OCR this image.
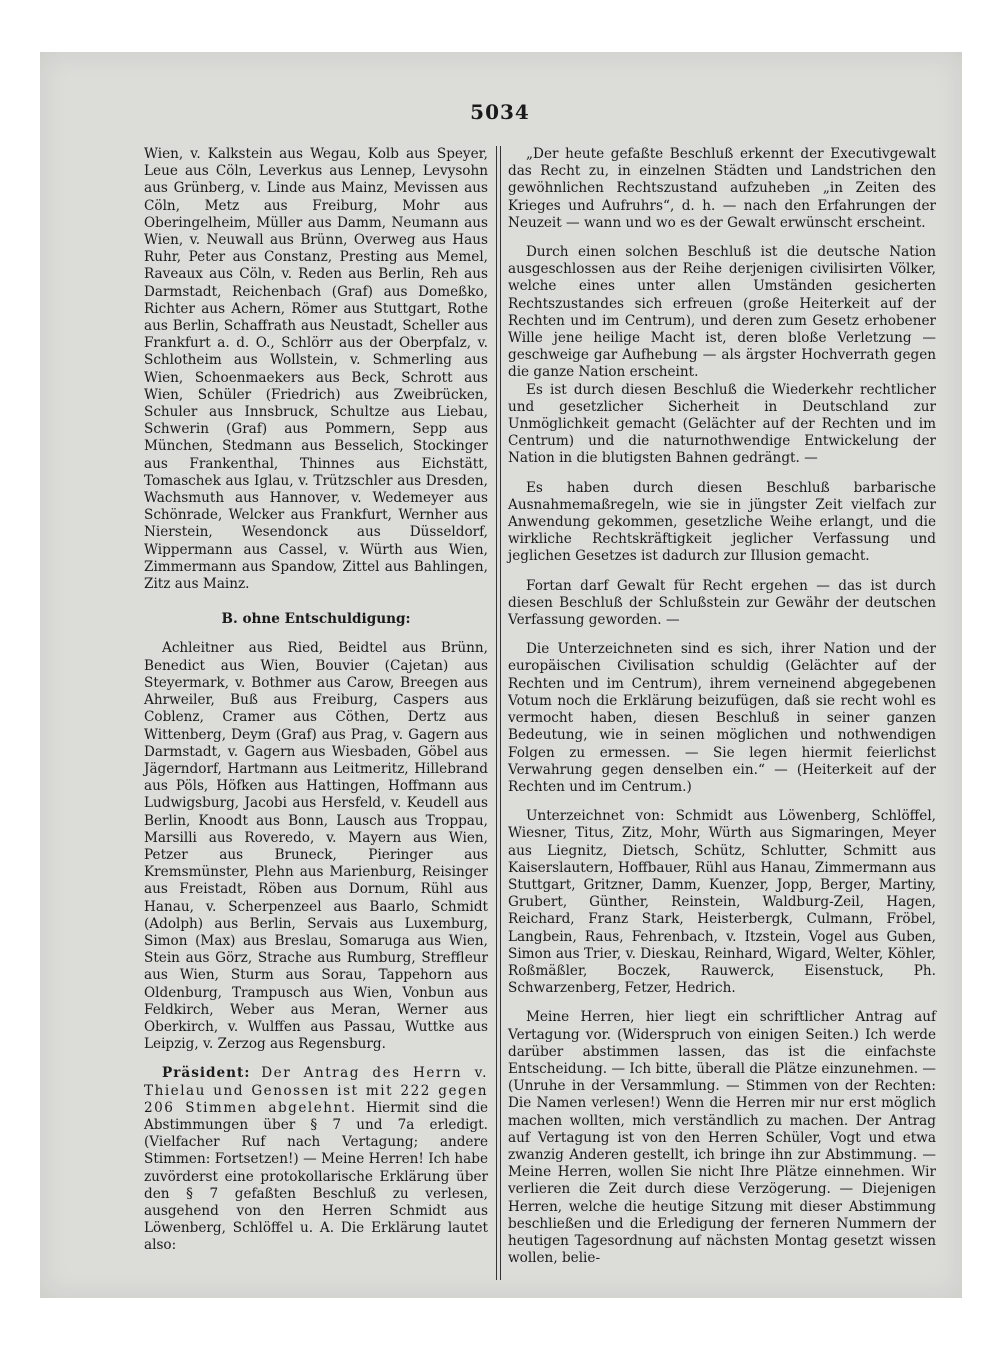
5034

Wien, v. Kalkstein aus Wegau, Kolb aus Speyer, Leue aus Cöln, Leverkus aus Lennep, Levysohn aus Grünberg, v. Linde aus Mainz, Mevissen aus Cöln, Metz aus Freiburg, Mohr aus Oberingelheim, Müller aus Damm, Neumann aus Wien, v. Neuwall aus Brünn, Overweg aus Haus Ruhr, Peter aus Constanz, Presting aus Memel, Raveaux aus Cöln, v. Reden aus Berlin, Reh aus Darmstadt, Reichenbach (Graf) aus Domeßko, Richter aus Achern, Römer aus Stuttgart, Rothe aus Berlin, Schaffrath aus Neustadt, Scheller aus Frankfurt a. d. O., Schlörr aus der Oberpfalz, v. Schlotheim aus Wollstein, v. Schmerling aus Wien, Schoenmaekers aus Beck, Schrott aus Wien, Schüler (Friedrich) aus Zweibrücken, Schuler aus Innsbruck, Schultze aus Liebau, Schwerin (Graf) aus Pommern, Sepp aus München, Stedmann aus Besselich, Stockinger aus Frankenthal, Thinnes aus Eichstätt, Tomaschek aus Iglau, v. Trützschler aus Dresden, Wachsmuth aus Hannover, v. Wedemeyer aus Schönrade, Welcker aus Frankfurt, Wernher aus Nierstein, Wesendonck aus Düsseldorf, Wippermann aus Cassel, v. Würth aus Wien, Zimmermann aus Spandow, Zittel aus Bahlingen, Zitz aus Mainz.

B. ohne Entschuldigung:

Achleitner aus Ried, Beidtel aus Brünn, Benedict aus Wien, Bouvier (Cajetan) aus Steyermark, v. Bothmer aus Carow, Breegen aus Ahrweiler, Buß aus Freiburg, Caspers aus Coblenz, Cramer aus Cöthen, Dertz aus Wittenberg, Deym (Graf) aus Prag, v. Gagern aus Darmstadt, v. Gagern aus Wiesbaden, Göbel aus Jägerndorf, Hartmann aus Leitmeritz, Hillebrand aus Pöls, Höfken aus Hattingen, Hoffmann aus Ludwigsburg, Jacobi aus Hersfeld, v. Keudell aus Berlin, Knoodt aus Bonn, Lausch aus Troppau, Marsilli aus Roveredo, v. Mayern aus Wien, Petzer aus Bruneck, Pieringer aus Kremsmünster, Plehn aus Marienburg, Reisinger aus Freistadt, Röben aus Dornum, Rühl aus Hanau, v. Scherpenzeel aus Baarlo, Schmidt (Adolph) aus Berlin, Servais aus Luxemburg, Simon (Max) aus Breslau, Somaruga aus Wien, Stein aus Görz, Strache aus Rumburg, Streffleur aus Wien, Sturm aus Sorau, Tappehorn aus Oldenburg, Trampusch aus Wien, Vonbun aus Feldkirch, Weber aus Meran, Werner aus Oberkirch, v. Wulffen aus Passau, Wuttke aus Leipzig, v. Zerzog aus Regensburg.

Präsident: Der Antrag des Herrn v. Thielau und Genossen ist mit 222 gegen 206 Stimmen abgelehnt. Hiermit sind die Abstimmungen über § 7 und 7a erledigt. (Vielfacher Ruf nach Vertagung; andere Stimmen: Fortsetzen!) — Meine Herren! Ich habe zuvörderst eine protokollarische Erklärung über den § 7 gefaßten Beschluß zu verlesen, ausgehend von den Herren Schmidt aus Löwenberg, Schlöffel u. A. Die Erklärung lautet also:

„Der heute gefaßte Beschluß erkennt der Executivgewalt das Recht zu, in einzelnen Städten und Landstrichen den gewöhnlichen Rechtszustand aufzuheben „in Zeiten des Krieges und Aufruhrs“, d. h. — nach den Erfahrungen der Neuzeit — wann und wo es der Gewalt erwünscht erscheint.

Durch einen solchen Beschluß ist die deutsche Nation ausgeschlossen aus der Reihe derjenigen civilisirten Völker, welche eines unter allen Umständen gesicherten Rechtszustandes sich erfreuen (große Heiterkeit auf der Rechten und im Centrum), und deren zum Gesetz erhobener Wille jene heilige Macht ist, deren bloße Verletzung — geschweige gar Aufhebung — als ärgster Hochverrath gegen die ganze Nation erscheint.

Es ist durch diesen Beschluß die Wiederkehr rechtlicher und gesetzlicher Sicherheit in Deutschland zur Unmöglichkeit gemacht (Gelächter auf der Rechten und im Centrum) und die naturnothwendige Entwickelung der Nation in die blutigsten Bahnen gedrängt. —

Es haben durch diesen Beschluß barbarische Ausnahmemaßregeln, wie sie in jüngster Zeit vielfach zur Anwendung gekommen, gesetzliche Weihe erlangt, und die wirkliche Rechtskräftigkeit jeglicher Verfassung und jeglichen Gesetzes ist dadurch zur Illusion gemacht.

Fortan darf Gewalt für Recht ergehen — das ist durch diesen Beschluß der Schlußstein zur Gewähr der deutschen Verfassung geworden. —

Die Unterzeichneten sind es sich, ihrer Nation und der europäischen Civilisation schuldig (Gelächter auf der Rechten und im Centrum), ihrem verneinend abgegebenen Votum noch die Erklärung beizufügen, daß sie recht wohl es vermocht haben, diesen Beschluß in seiner ganzen Bedeutung, wie in seinen möglichen und nothwendigen Folgen zu ermessen. — Sie legen hiermit feierlichst Verwahrung gegen denselben ein.“ — (Heiterkeit auf der Rechten und im Centrum.)

Unterzeichnet von: Schmidt aus Löwenberg, Schlöffel, Wiesner, Titus, Zitz, Mohr, Würth aus Sigmaringen, Meyer aus Liegnitz, Dietsch, Schütz, Schlutter, Schmitt aus Kaiserslautern, Hoffbauer, Rühl aus Hanau, Zimmermann aus Stuttgart, Gritzner, Damm, Kuenzer, Jopp, Berger, Martiny, Grubert, Günther, Reinstein, Waldburg-Zeil, Hagen, Reichard, Franz Stark, Heisterbergk, Culmann, Fröbel, Langbein, Raus, Fehrenbach, v. Itzstein, Vogel aus Guben, Simon aus Trier, v. Dieskau, Reinhard, Wigard, Welter, Köhler, Roßmäßler, Boczek, Rauwerck, Eisenstuck, Ph. Schwarzenberg, Fetzer, Hedrich.

Meine Herren, hier liegt ein schriftlicher Antrag auf Vertagung vor. (Widerspruch von einigen Seiten.) Ich werde darüber abstimmen lassen, das ist die einfachste Entscheidung. — Ich bitte, überall die Plätze einzunehmen. — (Unruhe in der Versammlung. — Stimmen von der Rechten: Die Namen verlesen!) Wenn die Herren mir nur erst möglich machen wollten, mich verständlich zu machen. Der Antrag auf Vertagung ist von den Herren Schüler, Vogt und etwa zwanzig Anderen gestellt, ich bringe ihn zur Abstimmung. — Meine Herren, wollen Sie nicht Ihre Plätze einnehmen. Wir verlieren die Zeit durch diese Verzögerung. — Diejenigen Herren, welche die heutige Sitzung mit dieser Abstimmung beschließen und die Erledigung der ferneren Nummern der heutigen Tagesordnung auf nächsten Montag gesetzt wissen wollen, belie-
